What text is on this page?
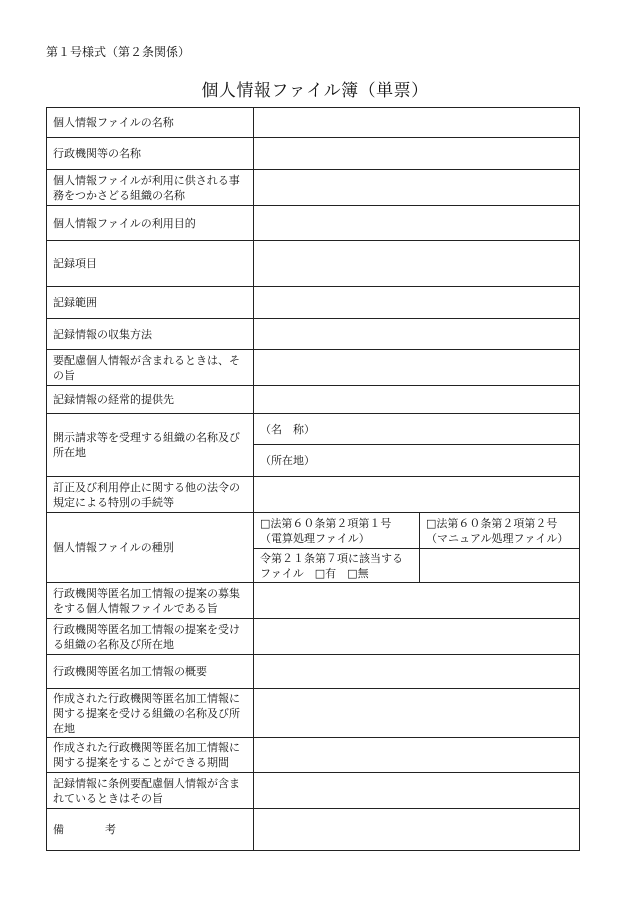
第１号様式（第２条関係）
個人情報ファイル簿（単票）
個人情報ファイルの名称		
行政機関等の名称		
個人情報ファイルが利用に供される事務をつかさどる組織の名称		
個人情報ファイルの利用目的		
記録項目		
記録範囲		
記録情報の収集方法		
要配慮個人情報が含まれるときは、その旨		
記録情報の経常的提供先		
開示請求等を受理する組織の名称及び所在地	（名　称）	
	（所在地）	
訂正及び利用停止に関する他の法令の規定による特別の手続等		
個人情報ファイルの種別	□法第６０条第２項第１号（電算処理ファイル）	□法第６０条第２項第２号（マニュアル処理ファイル）
	令第２１条第７項に該当するファイル　□有　□無	
行政機関等匿名加工情報の提案の募集をする個人情報ファイルである旨		
行政機関等匿名加工情報の提案を受ける組織の名称及び所在地		
行政機関等匿名加工情報の概要		
作成された行政機関等匿名加工情報に関する提案を受ける組織の名称及び所在地		
作成された行政機関等匿名加工情報に関する提案をすることができる期間		
記録情報に条例要配慮個人情報が含まれているときはその旨		
備 考		
